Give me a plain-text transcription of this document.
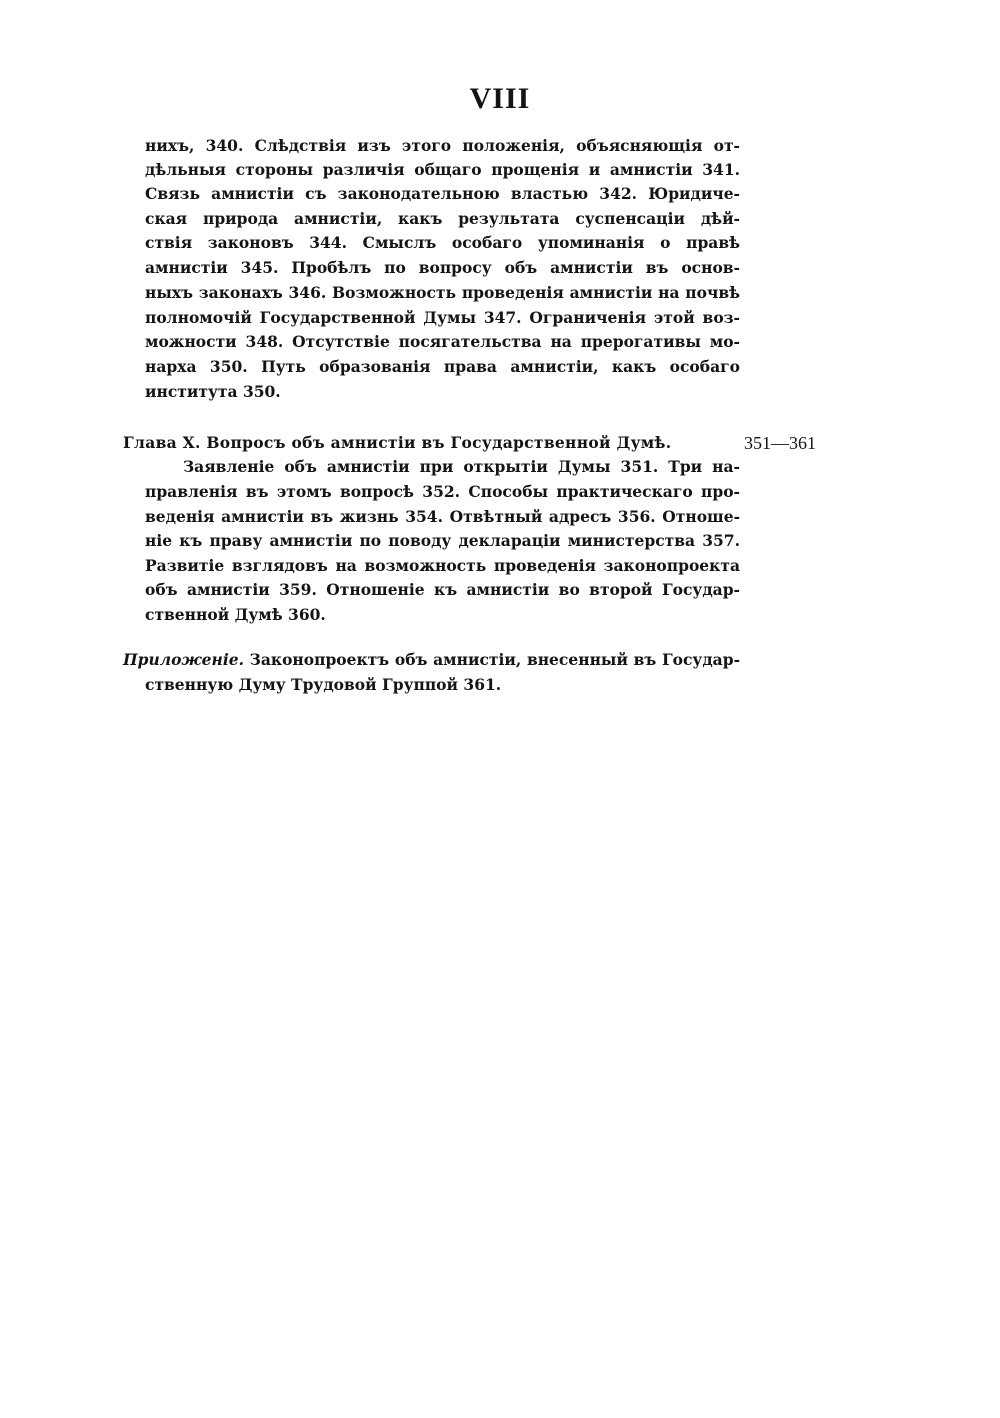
VIII
нихъ, 340. Слѣдствія изъ этого положенія, объясняющія от-
дѣльныя стороны различія общаго прощенія и амнистіи 341.
Связь амнистіи съ законодательною властью 342. Юридиче-
ская природа амнистіи, какъ результата суспенсаціи дѣй-
ствія законовъ 344. Смыслъ особаго упоминанія о правѣ
амнистіи 345. Пробѣлъ по вопросу объ амнистіи въ основ-
ныхъ законахъ 346. Возможность проведенія амнистіи на почвѣ
полномочій Государственной Думы 347. Ограниченія этой воз-
можности 348. Отсутствіе посягательства на прерогативы мо-
нарха 350. Путь образованія права амнистіи, какъ особаго
института 350.
Глава X. Вопросъ объ амнистіи въ Государственной Думѣ.	351—361
Заявленіе объ амнистіи при открытіи Думы 351. Три на-
правленія въ этомъ вопросѣ 352. Способы практическаго про-
веденія амнистіи въ жизнь 354. Отвѣтный адресъ 356. Отноше-
ніе къ праву амнистіи по поводу деклараціи министерства 357.
Развитіе взглядовъ на возможность проведенія законопроекта
объ амнистіи 359. Отношеніе къ амнистіи во второй Государ-
ственной Думѣ 360.
Приложеніе. Законопроектъ объ амнистіи, внесенный въ Государ-
ственную Думу Трудовой Группой 361.
